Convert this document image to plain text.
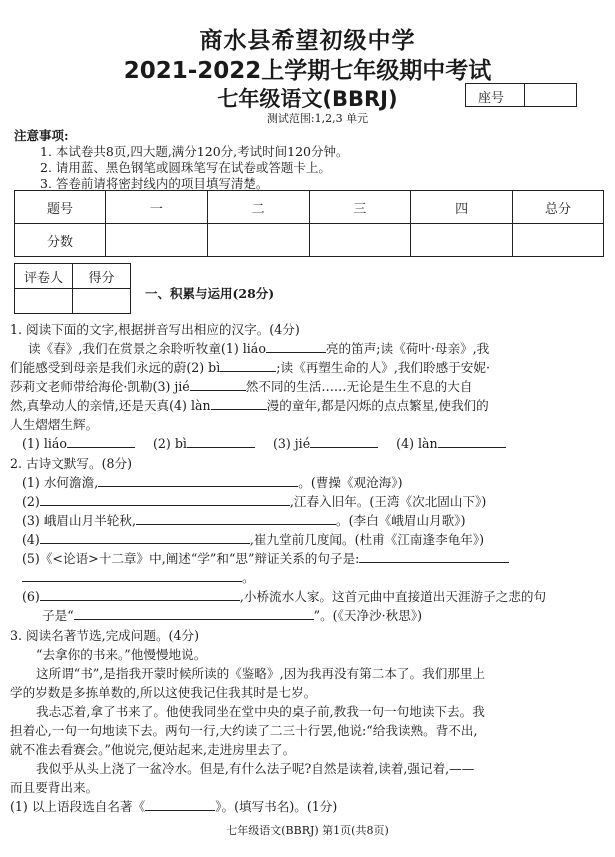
商水县希望初级中学
2021-2022上学期七年级期中考试
七年级语文(BBRJ)	座号
测试范围:1,2,3 单元
注意事项:
1. 本试卷共8页,四大题,满分120分,考试时间120分钟。
2. 请用蓝、黑色钢笔或圆珠笔写在试卷或答题卡上。
3. 答卷前请将密封线内的项目填写清楚。
题号	一	二	三	四	总分
分数					
评卷人	得分

一、积累与运用(28分)
1. 阅读下面的文字,根据拼音写出相应的汉字。(4分)
读《春》,我们在赏景之余聆听牧童(1) liáo	亮的笛声;读《荷叶·母亲》,我
们能感受到母亲是我们永远的蔚(2) bì	;读《再塑生命的人》,我们聆感于安妮·
莎莉文老师带给海伦·凯勒(3) jié	然不同的生活……无论是生生不息的大自
然,真挚动人的亲情,还是天真(4) làn	漫的童年,都是闪烁的点点繁星,使我们的
人生熠熠生辉。
(1) liáo	(2) bì	(3) jié	(4) làn
2. 古诗文默写。(8分)
(1) 水何澹澹,	。(曹操《观沧海》)
(2)	,江春入旧年。(王湾《次北固山下》)
(3) 峨眉山月半轮秋,	。(李白《峨眉山月歌》)
(4)	,崔九堂前几度闻。(杜甫《江南逢李龟年》)
(5)《<论语>十二章》中,阐述“学”和“思”辩证关系的句子是:
。
(6)	,小桥流水人家。这首元曲中直接道出天涯游子之悲的句
子是“	”。(《天净沙·秋思》)
3. 阅读名著节选,完成问题。(4分)
“去拿你的书来。”他慢慢地说。
这所谓“书”,是指我开蒙时候所读的《鉴略》,因为我再没有第二本了。我们那里上
学的岁数是多拣单数的,所以这使我记住我其时是七岁。
我忐忑着,拿了书来了。他使我同坐在堂中央的桌子前,教我一句一句地读下去。我
担着心,一句一句地读下去。两句一行,大约读了二三十行罢,他说:“给我读熟。背不出,
就不准去看赛会。”他说完,便站起来,走进房里去了。
我似乎从头上浇了一盆冷水。但是,有什么法子呢?自然是读着,读着,强记着,——
而且要背出来。
(1) 以上语段选自名著《	》。(填写书名)。(1分)
七年级语文(BBRJ) 第1页(共8页)
